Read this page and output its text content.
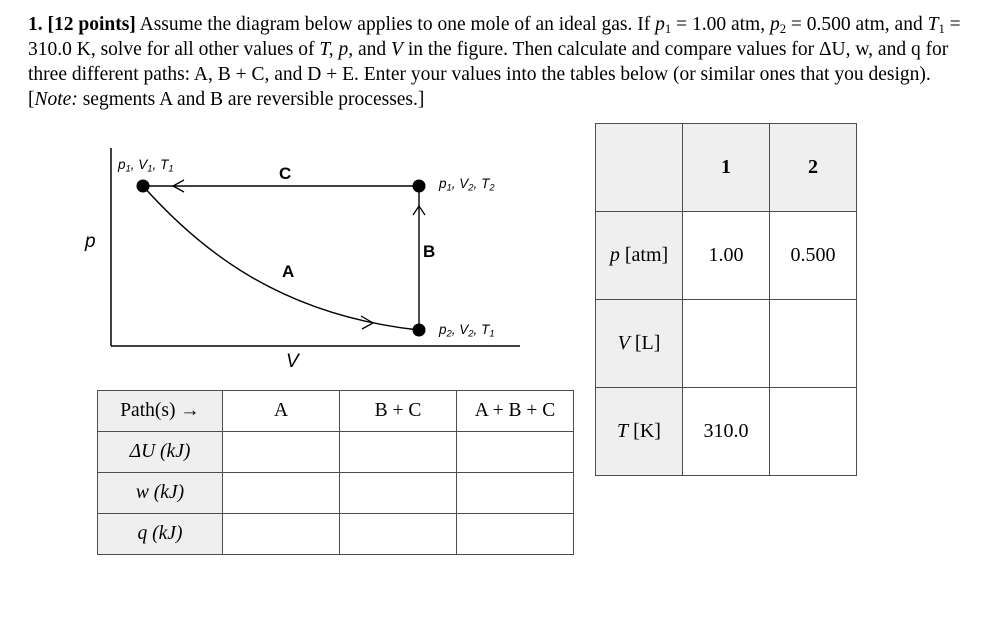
1. [12 points] Assume the diagram below applies to one mole of an ideal gas. If $p_1 = 1.00$ atm, $p_2 = 0.500$ atm, and $T_1 = 310.0$ K, solve for all other values of T, p, and V in the figure. Then calculate and compare values for ΔU, w, and q for three different paths: A, B + C, and D + E. Enter your values into the tables below (or similar ones that you design). [Note: segments A and B are reversible processes.]

p
V
C
B
A
$p_1$, $V_1$, $T_1$
$p_1$, $V_2$, $T_2$
$p_2$, $V_2$, $T_1$
	1	2
p [atm]	1.00	0.500
V [L]		
T [K]	310.0	
Path(s) →	A	B + C	A + B + C
ΔU (kJ)			
w (kJ)			
q (kJ)			
